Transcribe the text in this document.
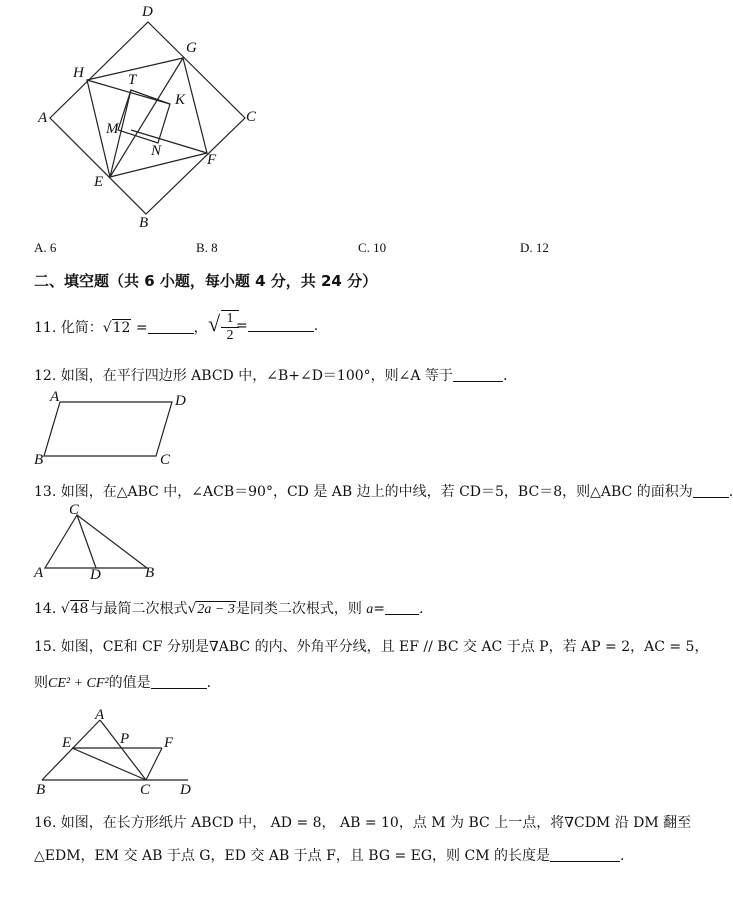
D
G
H	T
A
K
C
M
N
E
F
B
A. 6	B. 8	C. 10	D. 12
二、填空题（共 6 小题，每小题 4 分，共 24 分）
11. 化简：√12 =	， √ $\frac{1}{2}$
=	.
12. 如图，在平行四边形 ABCD 中，∠B+∠D＝100°，则∠A 等于	.
A	D
B	C
13. 如图，在△ABC 中，∠ACB＝90°，CD 是 AB 边上的中线，若 CD＝5，BC＝8，则△ABC 的面积为	.
C
A	D	B
14. √48与最简二次根式√2a − 3是同类二次根式，则 a= .
15. 如图，CE和 CF 分别是∇ABC 的内、外角平分线，且 EF // BC 交 AC 于点 P，若 AP = 2，AC = 5，
则CE² + CF²的值是	.
A
E	P F
B	C D
16. 如图，在长方形纸片 ABCD 中， AD = 8， AB = 10，点 M 为 BC 上一点，将∇CDM 沿 DM 翻至
△EDM，EM 交 AB 于点 G，ED 交 AB 于点 F，且 BG = EG，则 CM 的长度是	.
